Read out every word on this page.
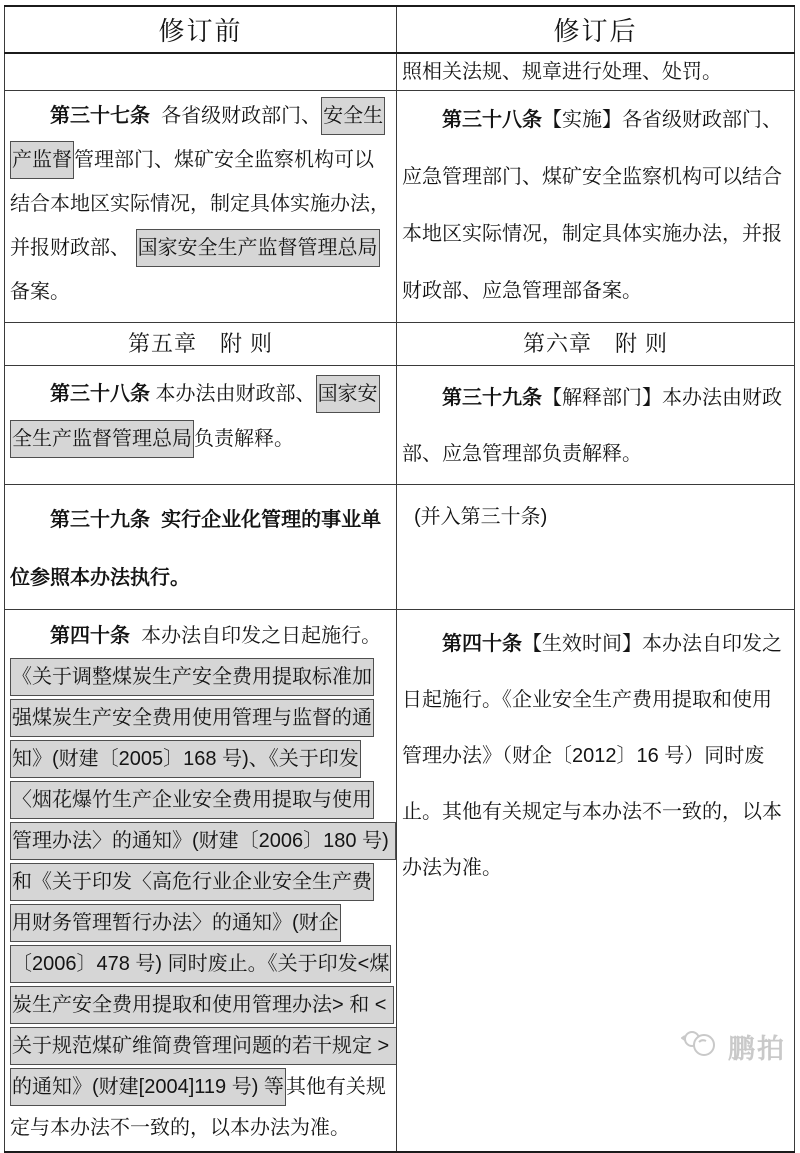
修订前	修订后

	照相关法规、规章进行处理、处罚。

第三十七条  各省级财政部门、 安全生产监督 管理部门、煤矿安全监察机构可以结合本地区实际情况，制定具体实施办法，并报财政部、 国家安全生产监督管理总局备案。	第三十八条【实施】各省级财政部门、应急管理部门、煤矿安全监察机构可以结合本地区实际情况，制定具体实施办法，并报财政部、应急管理部备案。

第五章　附 则	第六章　附 则

第三十八条 本办法由财政部、 国家安全生产监督管理总局 负责解释。	第三十九条【解释部门】本办法由财政部、应急管理部负责解释。

第三十九条  实行企业化管理的事业单位参照本办法执行。	(并入第三十条)

第四十条  本办法自印发之日起施行。《关于调整煤炭生产安全费用提取标准加强煤炭生产安全费用使用管理与监督的通知》(财建〔2005〕168 号)、《关于印发〈烟花爆竹生产企业安全费用提取与使用管理办法〉的通知》(财建〔2006〕180 号) 和《关于印发〈高危行业企业安全生产费用财务管理暂行办法〉的通知》(财企〔2006〕478 号) 同时废止。《关于印发<煤炭生产安全费用提取和使用管理办法> 和 < 关于规范煤矿维简费管理问题的若干规定 > 的通知》(财建[2004]119 号) 等 其他有关规定与本办法不一致的，以本办法为准。	第四十条【生效时间】本办法自印发之日起施行。《企业安全生产费用提取和使用管理办法》（财企〔2012〕16 号）同时废止。其他有关规定与本办法不一致的，以本办法为准。
鹏拍
